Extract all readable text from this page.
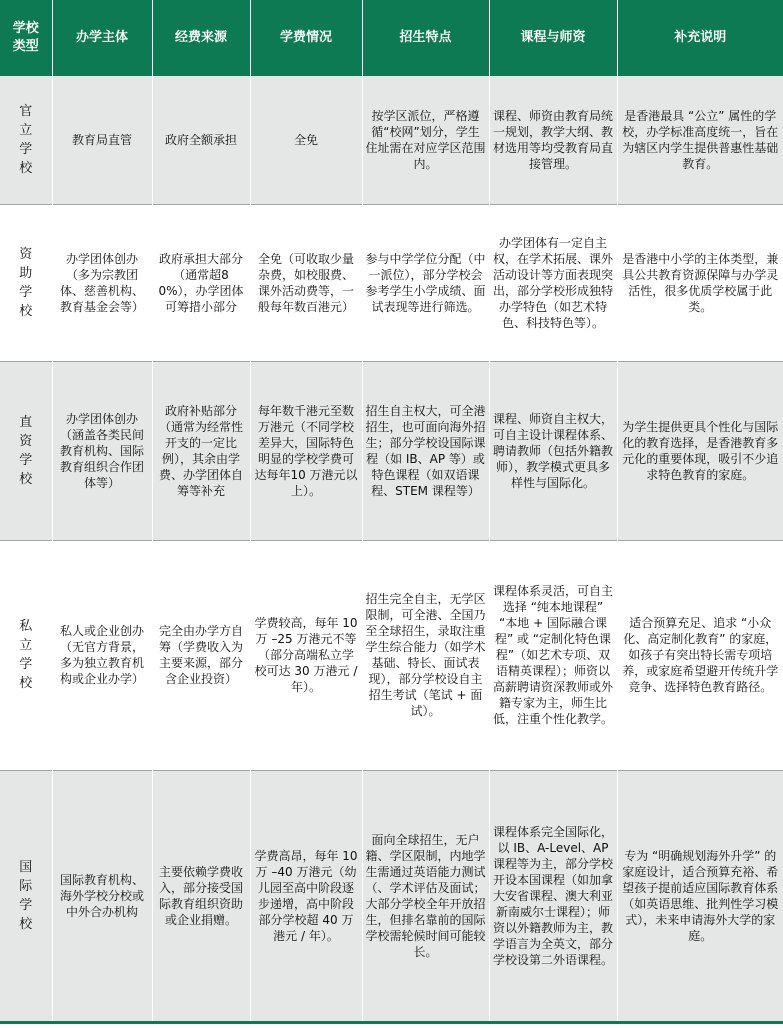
学校类型	办学主体	经费来源	学费情况	招生特点	课程与师资	补充说明
官立学校	教育局直管	政府全额承担	全免	按学区派位，严格遵循“校网”划分，学生住址需在对应学区范围内。	课程、师资由教育局统一规划，教学大纲、教材选用等均受教育局直接管理。	是香港最具 “公立” 属性的学校，办学标准高度统一，旨在为辖区内学生提供普惠性基础教育。
资助学校	办学团体创办（多为宗教团体、慈善机构、教育基金会等）	政府承担大部分（通常超80%），办学团体可筹措小部分	全免（可收取少量杂费，如校服费、课外活动费等，一般每年数百港元）	参与中学学位分配（中一派位），部分学校会参考学生小学成绩、面试表现等进行筛选。	办学团体有一定自主权，在学术拓展、课外活动设计等方面表现突出，部分学校形成独特办学特色（如艺术特色、科技特色等）。	是香港中小学的主体类型，兼具公共教育资源保障与办学灵活性，很多优质学校属于此类。
直资学校	办学团体创办（涵盖各类民间教育机构、国际教育组织合作团体等）	政府补贴部分（通常为经常性开支的一定比例），其余由学费、办学团体自筹等补充	每年数千港元至数万港元（不同学校差异大，国际特色明显的学校学费可达每年10 万港元以上）。	招生自主权大，可全港招生，也可面向海外招生；部分学校设国际课程（如 IB、AP 等）或特色课程（如双语课程、STEM 课程等）	课程、师资自主权大，可自主设计课程体系、聘请教师（包括外籍教师），教学模式更具多样性与国际化。	为学生提供更具个性化与国际化的教育选择，是香港教育多元化的重要体现，吸引不少追求特色教育的家庭。
私立学校	私人或企业创办（无官方背景，多为独立教育机构或企业办学）	完全由办学方自筹（学费收入为主要来源，部分含企业投资）	学费较高，每年 10 万 –25 万港元不等（部分高端私立学校可达 30 万港元 / 年）。	招生完全自主，无学区限制，可全港、全国乃至全球招生，录取注重学生综合能力（如学术基础、特长、面试表现），部分学校设自主招生考试（笔试 + 面试）。	课程体系灵活，可自主选择 “纯本地课程” “本地 + 国际融合课程” 或 “定制化特色课程”（如艺术专项、双语精英课程）；师资以高薪聘请资深教师或外籍专家为主，师生比低，注重个性化教学。	适合预算充足、追求 “小众化、高定制化教育” 的家庭，如孩子有突出特长需专项培养，或家庭希望避开传统升学竞争、选择特色教育路径。
国际学校	国际教育机构、海外学校分校或中外合办机构	主要依赖学费收入，部分接受国际教育组织资助或企业捐赠。	学费高昂，每年 10 万 –40 万港元（幼儿园至高中阶段逐步递增，高中阶段部分学校超 40 万港元 / 年）。	面向全球招生，无户籍、学区限制，内地学生需通过英语能力测试（、学术评估及面试；大部分学校全年开放招生，但排名靠前的国际学校需轮候时间可能较长。	课程体系完全国际化，以 IB、A-Level、AP 课程等为主，部分学校开设本国课程（如加拿大安省课程、澳大利亚新南威尔士课程）；师资以外籍教师为主，教学语言为全英文，部分学校设第二外语课程。	专为 “明确规划海外升学” 的家庭设计，适合预算充裕、希望孩子提前适应国际教育体系（如英语思维、批判性学习模式），未来申请海外大学的家庭。
